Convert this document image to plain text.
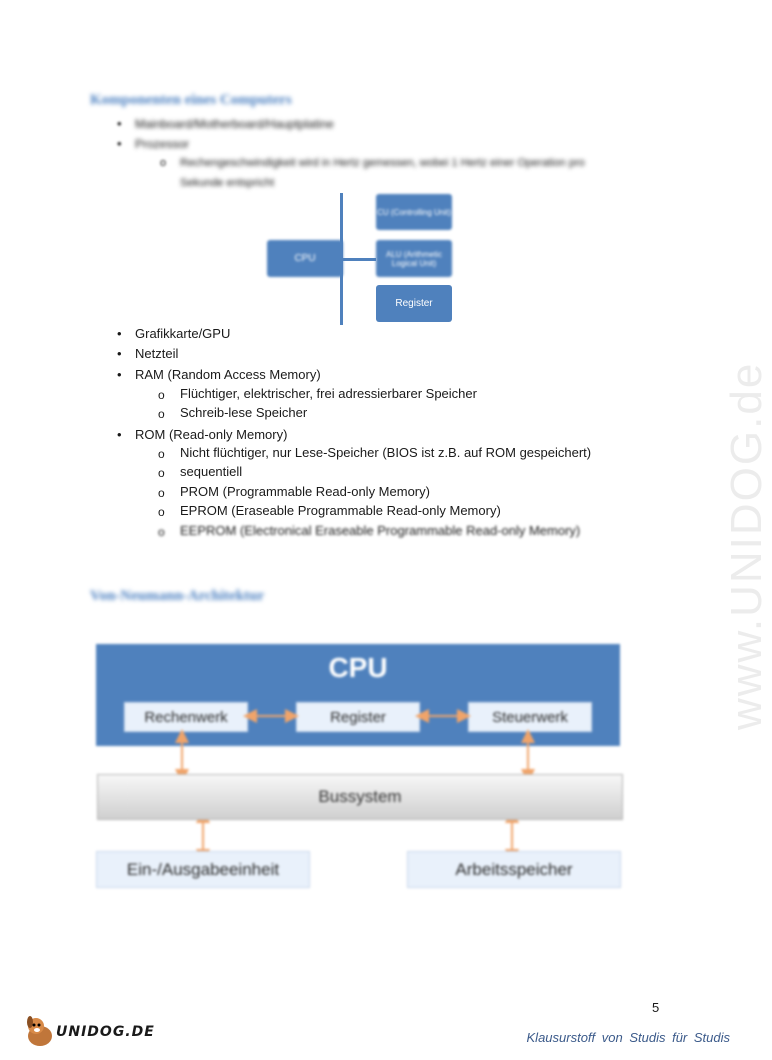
www.UNIDOG.de
Komponenten eines Computers
• Mainboard/Motherboard/Hauptplatine
• Prozessor
o Rechengeschwindigkeit wird in Hertz gemessen, wobei 1 Hertz einer Operation pro
Sekunde entspricht
CPU
CU (Controlling Unit)
ALU (Arithmetic Logical Unit)
Register
• Grafikkarte/GPU
• Netzteil
• RAM (Random Access Memory)
o Flüchtiger, elektrischer, frei adressierbarer Speicher
o Schreib-lese Speicher
• ROM (Read-only Memory)
o Nicht flüchtiger, nur Lese-Speicher (BIOS ist z.B. auf ROM gespeichert)
o sequentiell
o PROM (Programmable Read-only Memory)
o EPROM (Eraseable Programmable Read-only Memory)
o EEPROM (Electronical Eraseable Programmable Read-only Memory)
Von-Neumann-Architektur
CPU
Rechenwerk	Register	Steuerwerk
Bussystem
Ein-/Ausgabeeinheit	Arbeitsspeicher
5
UNIDOG.DE	Klausurstoff von Studis für Studis
